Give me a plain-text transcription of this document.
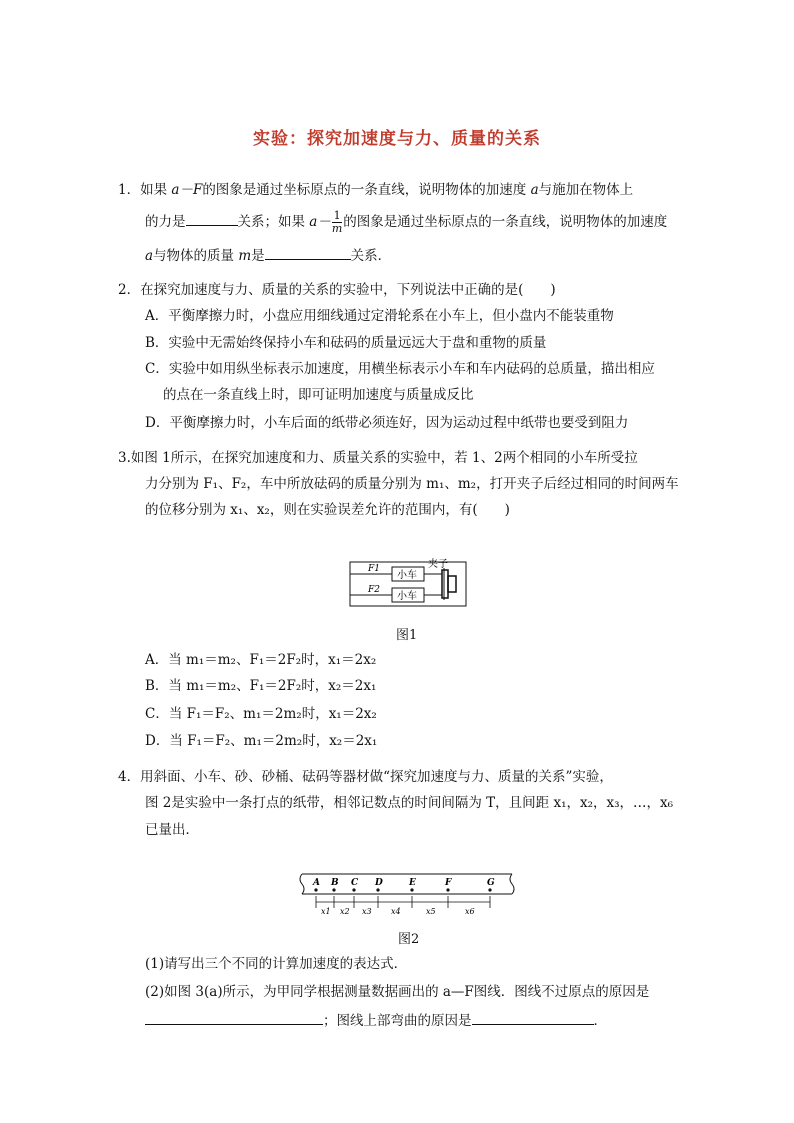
实验：探究加速度与力、质量的关系
1．如果 a－F的图象是通过坐标原点的一条直线，说明物体的加速度 a与施加在物体上
的力是	关系；如果 $a- \frac{1}{m}$ 的图象是通过坐标原点的一条直线，说明物体的加速度
a与物体的质量 m是	关系．
2．在探究加速度与力、质量的关系的实验中，下列说法中正确的是(　　)
A．平衡摩擦力时，小盘应用细线通过定滑轮系在小车上，但小盘内不能装重物
B．实验中无需始终保持小车和砝码的质量远远大于盘和重物的质量
C．实验中如用纵坐标表示加速度，用横坐标表示小车和车内砝码的总质量，描出相应
的点在一条直线上时，即可证明加速度与质量成反比
D．平衡摩擦力时，小车后面的纸带必须连好，因为运动过程中纸带也要受到阻力
3.如图 1所示，在探究加速度和力、质量关系的实验中，若 1、2两个相同的小车所受拉
力分别为 F₁、F₂，车中所放砝码的质量分别为 m₁、m₂，打开夹子后经过相同的时间两车
的位移分别为 x₁、x₂，则在实验误差允许的范围内，有(　　)
F1
F2
小车
小车
夹子
图1
A．当 m₁＝m₂、F₁＝2F₂时，x₁＝2x₂
B．当 m₁＝m₂、F₁＝2F₂时，x₂＝2x₁
C．当 F₁＝F₂、m₁＝2m₂时，x₁＝2x₂
D．当 F₁＝F₂、m₁＝2m₂时，x₂＝2x₁
4．用斜面、小车、砂、砂桶、砝码等器材做“探究加速度与力、质量的关系”实验，
图 2是实验中一条打点的纸带，相邻记数点的时间间隔为 T，且间距 x₁，x₂，x₃，…，x₆
已量出．
A B C D	E	F	G
x1 x2 x3 x4	x5	x6
图2
(1)请写出三个不同的计算加速度的表达式．
(2)如图 3(a)所示，为甲同学根据测量数据画出的 a—F图线．图线不过原点的原因是
；图线上部弯曲的原因是	．
